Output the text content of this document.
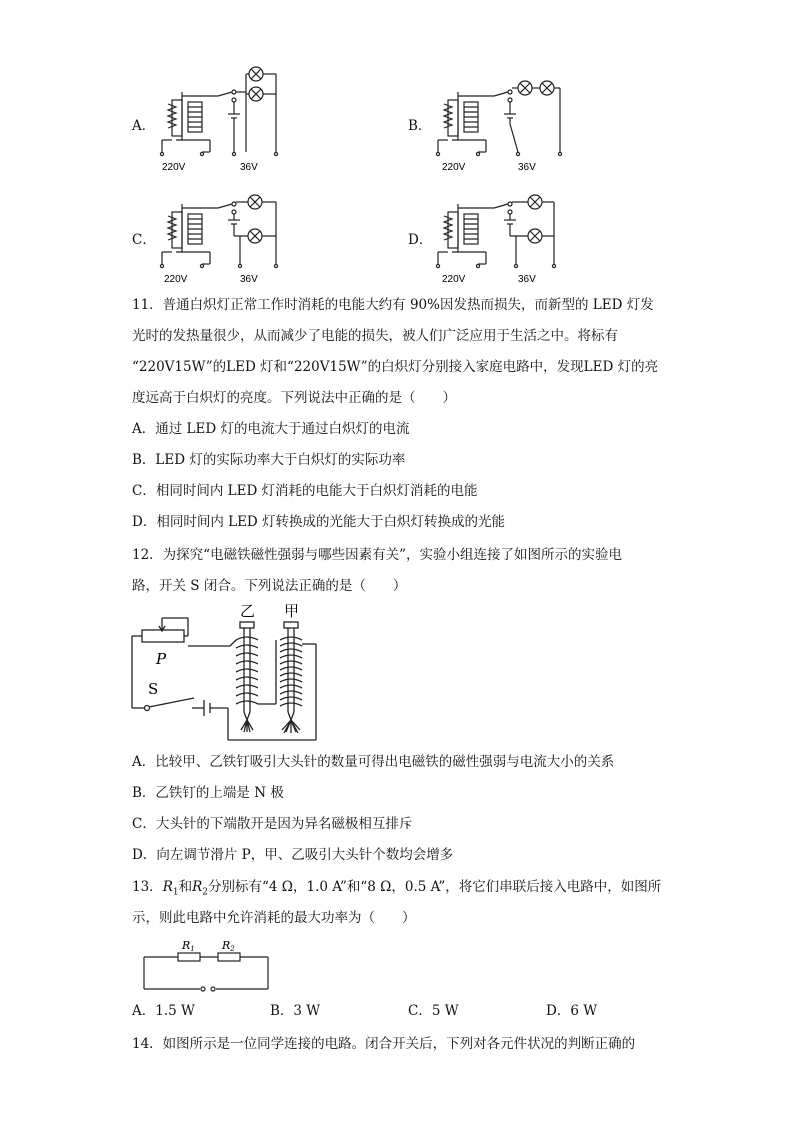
A．
220V	36V
B．
220V	36V
C．
220V	36V
D．
220V	36V
11．普通白炽灯正常工作时消耗的电能大约有 90%因发热而损失，而新型的 LED 灯发
光时的发热量很少，从而减少了电能的损失，被人们广泛应用于生活之中。将标有
“220V15W”的LED 灯和“220V15W”的白炽灯分别接入家庭电路中，发现LED 灯的亮
度远高于白炽灯的亮度。下列说法中正确的是（　　）
A．通过 LED 灯的电流大于通过白炽灯的电流
B．LED 灯的实际功率大于白炽灯的实际功率
C．相同时间内 LED 灯消耗的电能大于白炽灯消耗的电能
D．相同时间内 LED 灯转换成的光能大于白炽灯转换成的光能
12．为探究“电磁铁磁性强弱与哪些因素有关”，实验小组连接了如图所示的实验电
路，开关 S 闭合。下列说法正确的是（　　）
乙 甲
P
S
A．比较甲、乙铁钉吸引大头针的数量可得出电磁铁的磁性强弱与电流大小的关系
B．乙铁钉的上端是 N 极
C．大头针的下端散开是因为异名磁极相互排斥
D．向左调节滑片 P，甲、乙吸引大头针个数均会增多
13．$R_1$和$R_2$分别标有“4 Ω，1.0 A”和“8 Ω，0.5 A”，将它们串联后接入电路中，如图所
示，则此电路中允许消耗的最大功率为（　　）
R1 R2
A．1.5 W	B．3 W	C．5 W	D．6 W
14．如图所示是一位同学连接的电路。闭合开关后，下列对各元件状况的判断正确的
